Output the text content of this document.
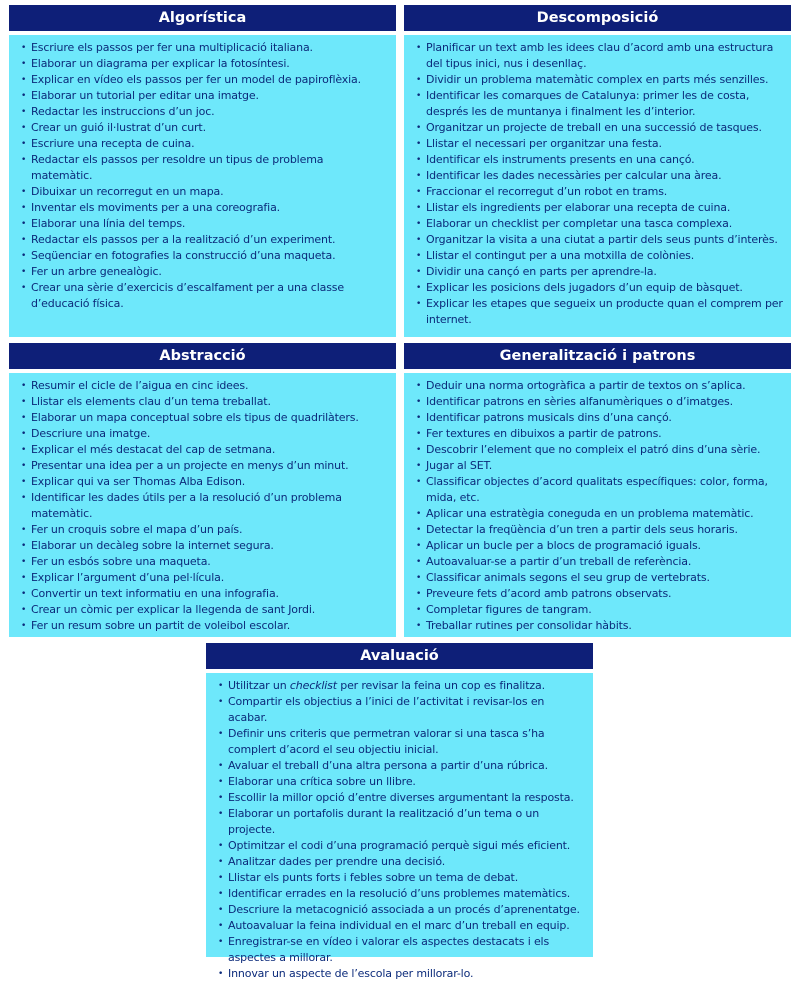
Algorística
• Escriure els passos per fer una multiplicació italiana.
• Elaborar un diagrama per explicar la fotosíntesi.
• Explicar en vídeo els passos per fer un model de papiroflèxia.
• Elaborar un tutorial per editar una imatge.
• Redactar les instruccions d’un joc.
• Crear un guió il·lustrat d’un curt.
• Escriure una recepta de cuina.
• Redactar els passos per resoldre un tipus de problema matemàtic.
• Dibuixar un recorregut en un mapa.
• Inventar els moviments per a una coreografia.
• Elaborar una línia del temps.
• Redactar els passos per a la realització d’un experiment.
• Seqüenciar en fotografies la construcció d’una maqueta.
• Fer un arbre genealògic.
• Crear una sèrie d’exercicis d’escalfament per a una classe d’educació física.
Descomposició
• Planificar un text amb les idees clau d’acord amb una estructura del tipus inici, nus i desenllaç.
• Dividir un problema matemàtic complex en parts més senzilles.
• Identificar les comarques de Catalunya: primer les de costa, després les de muntanya i finalment les d’interior.
• Organitzar un projecte de treball en una successió de tasques.
• Llistar el necessari per organitzar una festa.
• Identificar els instruments presents en una cançó.
• Identificar les dades necessàries per calcular una àrea.
• Fraccionar el recorregut d’un robot en trams.
• Llistar els ingredients per elaborar una recepta de cuina.
• Elaborar un checklist per completar una tasca complexa.
• Organitzar la visita a una ciutat a partir dels seus punts d’interès.
• Llistar el contingut per a una motxilla de colònies.
• Dividir una cançó en parts per aprendre-la.
• Explicar les posicions dels jugadors d’un equip de bàsquet.
• Explicar les etapes que segueix un producte quan el comprem per internet.
Abstracció
• Resumir el cicle de l’aigua en cinc idees.
• Llistar els elements clau d’un tema treballat.
• Elaborar un mapa conceptual sobre els tipus de quadrilàters.
• Descriure una imatge.
• Explicar el més destacat del cap de setmana.
• Presentar una idea per a un projecte en menys d’un minut.
• Explicar qui va ser Thomas Alba Edison.
• Identificar les dades útils per a la resolució d’un problema matemàtic.
• Fer un croquis sobre el mapa d’un país.
• Elaborar un decàleg sobre la internet segura.
• Fer un esbós sobre una maqueta.
• Explicar l’argument d’una pel·lícula.
• Convertir un text informatiu en una infografia.
• Crear un còmic per explicar la llegenda de sant Jordi.
• Fer un resum sobre un partit de voleibol escolar.
Generalització i patrons
• Deduir una norma ortogràfica a partir de textos on s’aplica.
• Identificar patrons en sèries alfanumèriques o d’imatges.
• Identificar patrons musicals dins d’una cançó.
• Fer textures en dibuixos a partir de patrons.
• Descobrir l’element que no compleix el patró dins d’una sèrie.
• Jugar al SET.
• Classificar objectes d’acord qualitats específiques: color, forma, mida, etc.
• Aplicar una estratègia coneguda en un problema matemàtic.
• Detectar la freqüència d’un tren a partir dels seus horaris.
• Aplicar un bucle per a blocs de programació iguals.
• Autoavaluar-se a partir d’un treball de referència.
• Classificar animals segons el seu grup de vertebrats.
• Preveure fets d’acord amb patrons observats.
• Completar figures de tangram.
• Treballar rutines per consolidar hàbits.
Avaluació
• Utilitzar un checklist per revisar la feina un cop es finalitza.
• Compartir els objectius a l’inici de l’activitat i revisar-los en acabar.
• Definir uns criteris que permetran valorar si una tasca s’ha complert d’acord el seu objectiu inicial.
• Avaluar el treball d’una altra persona a partir d’una rúbrica.
• Elaborar una crítica sobre un llibre.
• Escollir la millor opció d’entre diverses argumentant la resposta.
• Elaborar un portafolis durant la realització d’un tema o un projecte.
• Optimitzar el codi d’una programació perquè sigui més eficient.
• Analitzar dades per prendre una decisió.
• Llistar els punts forts i febles sobre un tema de debat.
• Identificar errades en la resolució d’uns problemes matemàtics.
• Descriure la metacognició associada a un procés d’aprenentatge.
• Autoavaluar la feina individual en el marc d’un treball en equip.
• Enregistrar-se en vídeo i valorar els aspectes destacats i els aspectes a millorar.
• Innovar un aspecte de l’escola per millorar-lo.
